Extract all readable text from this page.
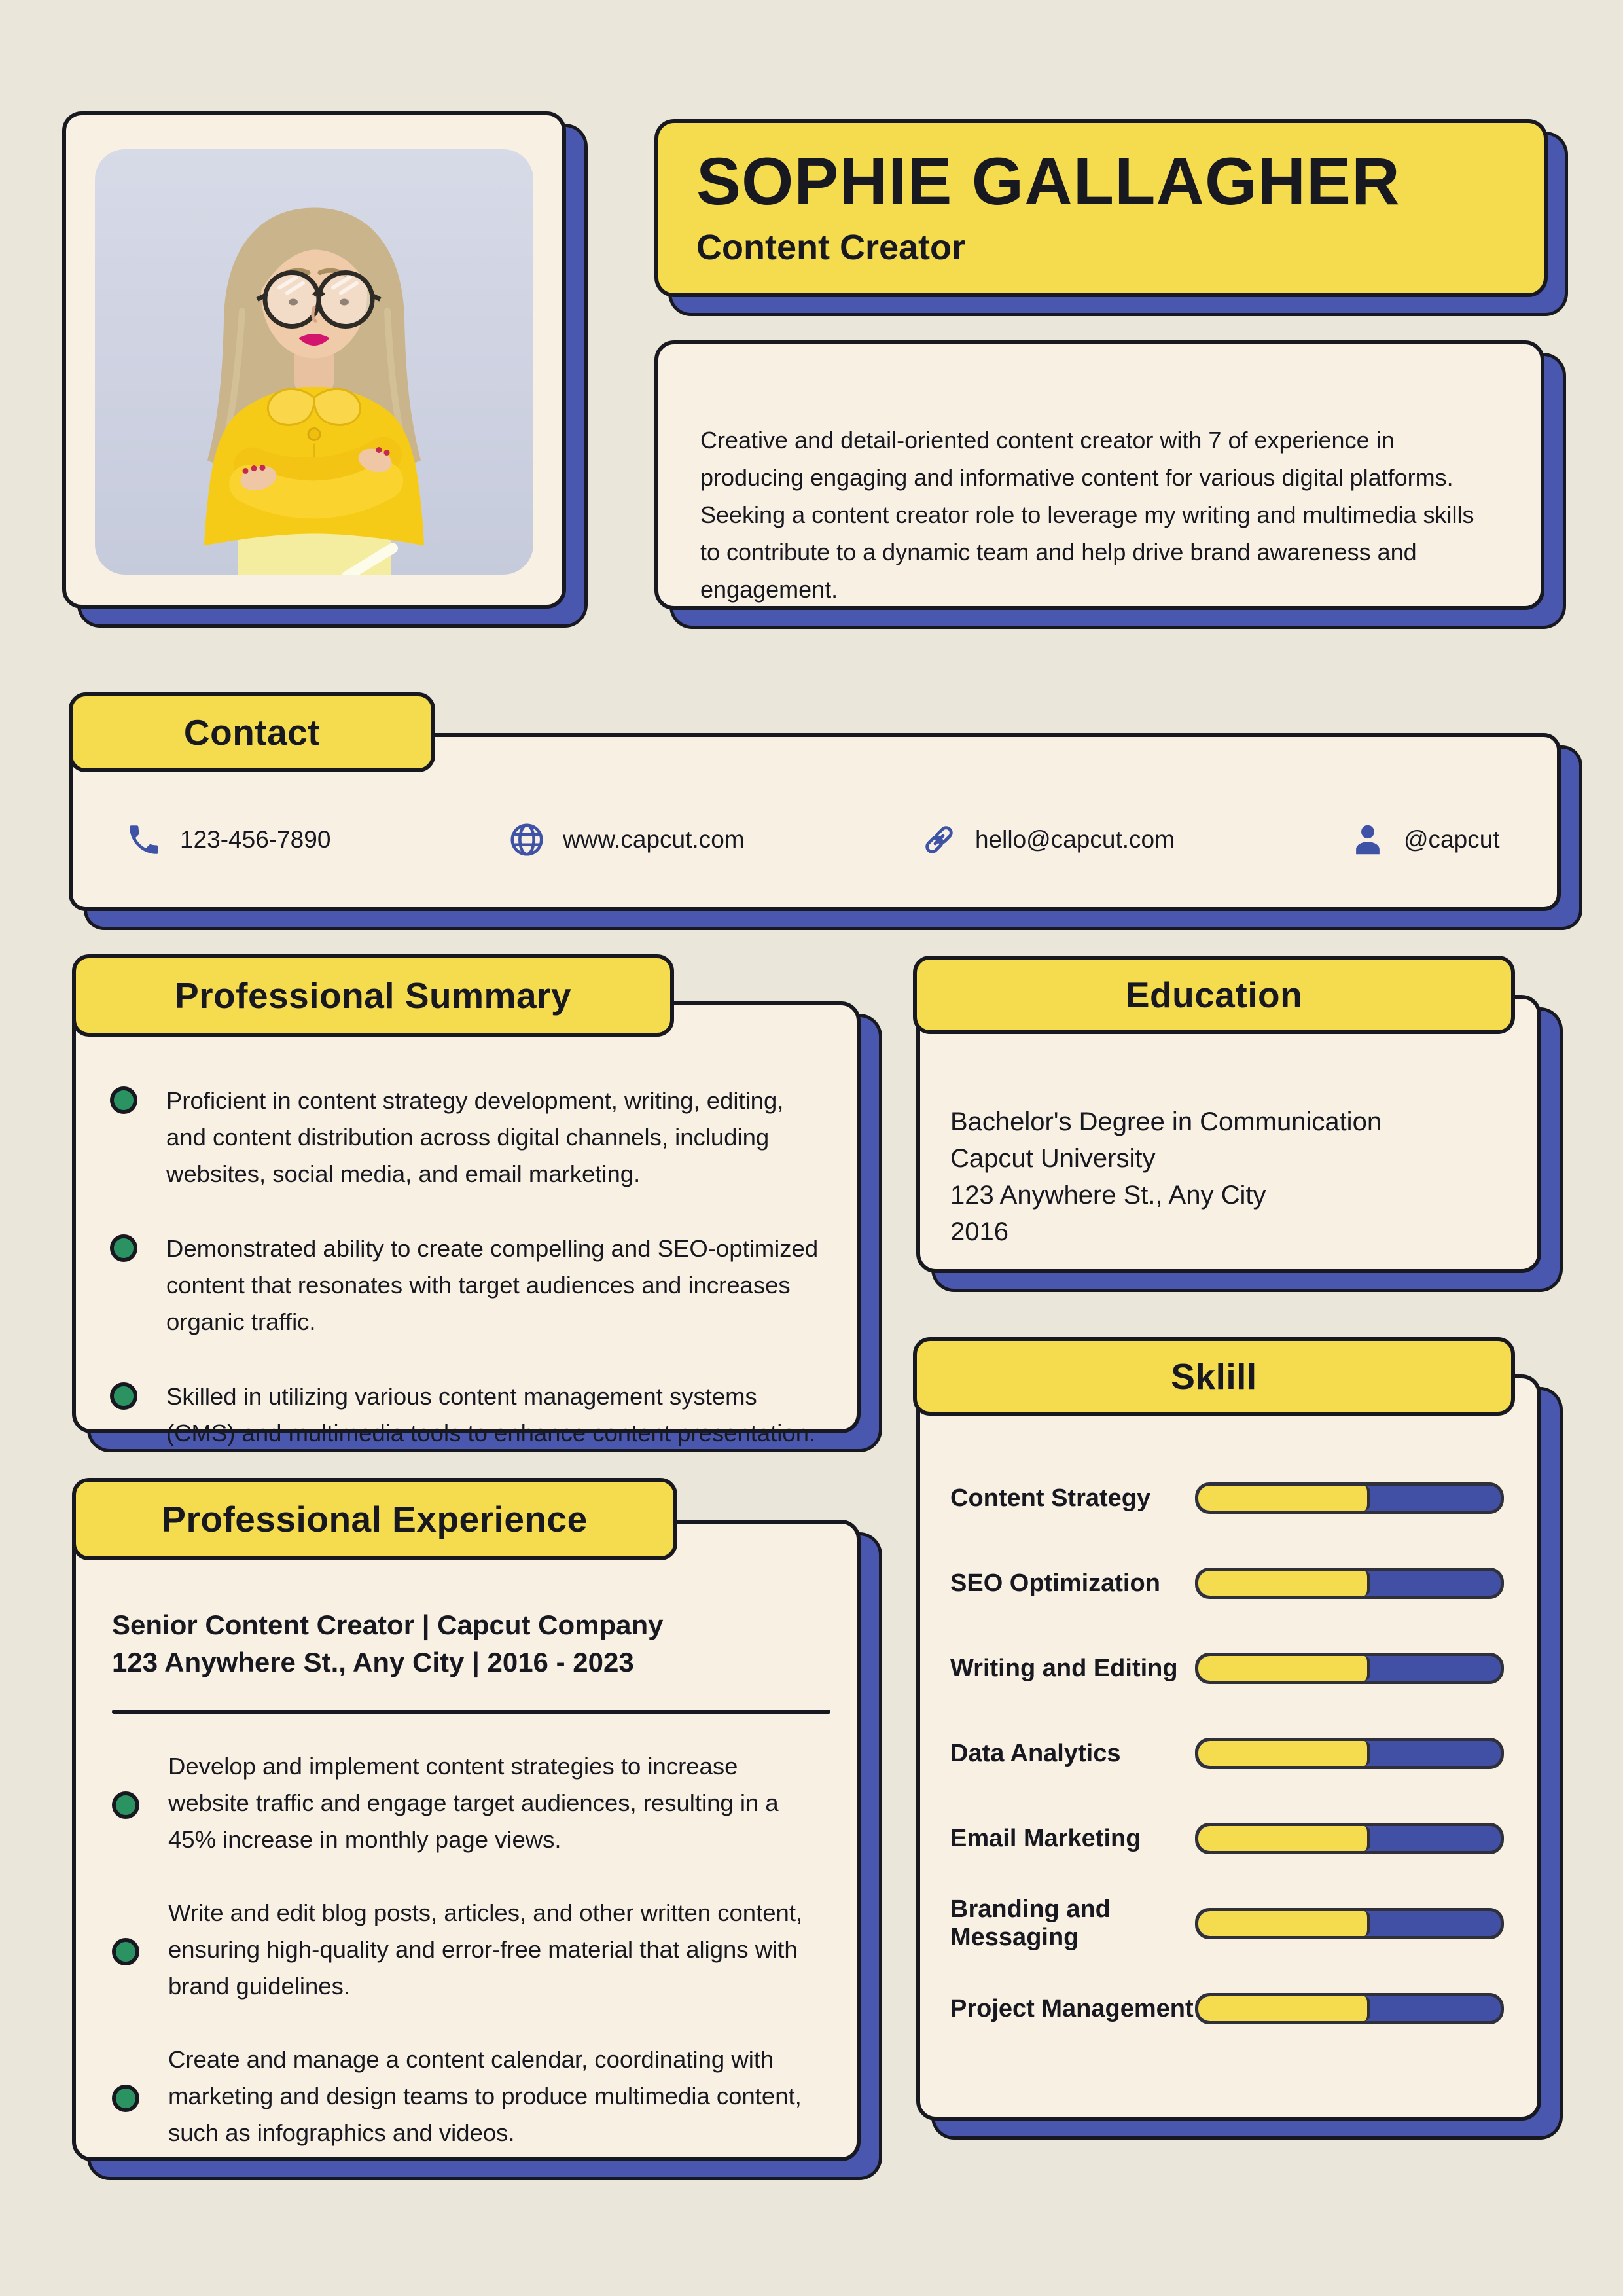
SOPHIE GALLAGHER
Content Creator
Creative and detail-oriented content creator with 7 of experience in producing engaging and informative content for various digital platforms. Seeking a content creator role to leverage my writing and multimedia skills to contribute to a dynamic team and help drive brand awareness and engagement.
Contact
123-456-7890	www.capcut.com	hello@capcut.com	@capcut
Professional Summary
Proficient in content strategy development, writing, editing, and content distribution across digital channels, including websites, social media, and email marketing.
Demonstrated ability to create compelling and SEO-optimized content that resonates with target audiences and increases organic traffic.
Skilled in utilizing various content management systems (CMS) and multimedia tools to enhance content presentation.
Education
Bachelor's Degree in Communication
Capcut University
123 Anywhere St., Any City
2016
Sklill
Content Strategy
SEO Optimization
Writing and Editing
Data Analytics
Email Marketing
Branding and Messaging
Project Management
Professional Experience
Senior Content Creator | Capcut Company
123 Anywhere St., Any City | 2016 - 2023
Develop and implement content strategies to increase website traffic and engage target audiences, resulting in a 45% increase in monthly page views.
Write and edit blog posts, articles, and other written content, ensuring high-quality and error-free material that aligns with brand guidelines.
Create and manage a content calendar, coordinating with marketing and design teams to produce multimedia content, such as infographics and videos.
